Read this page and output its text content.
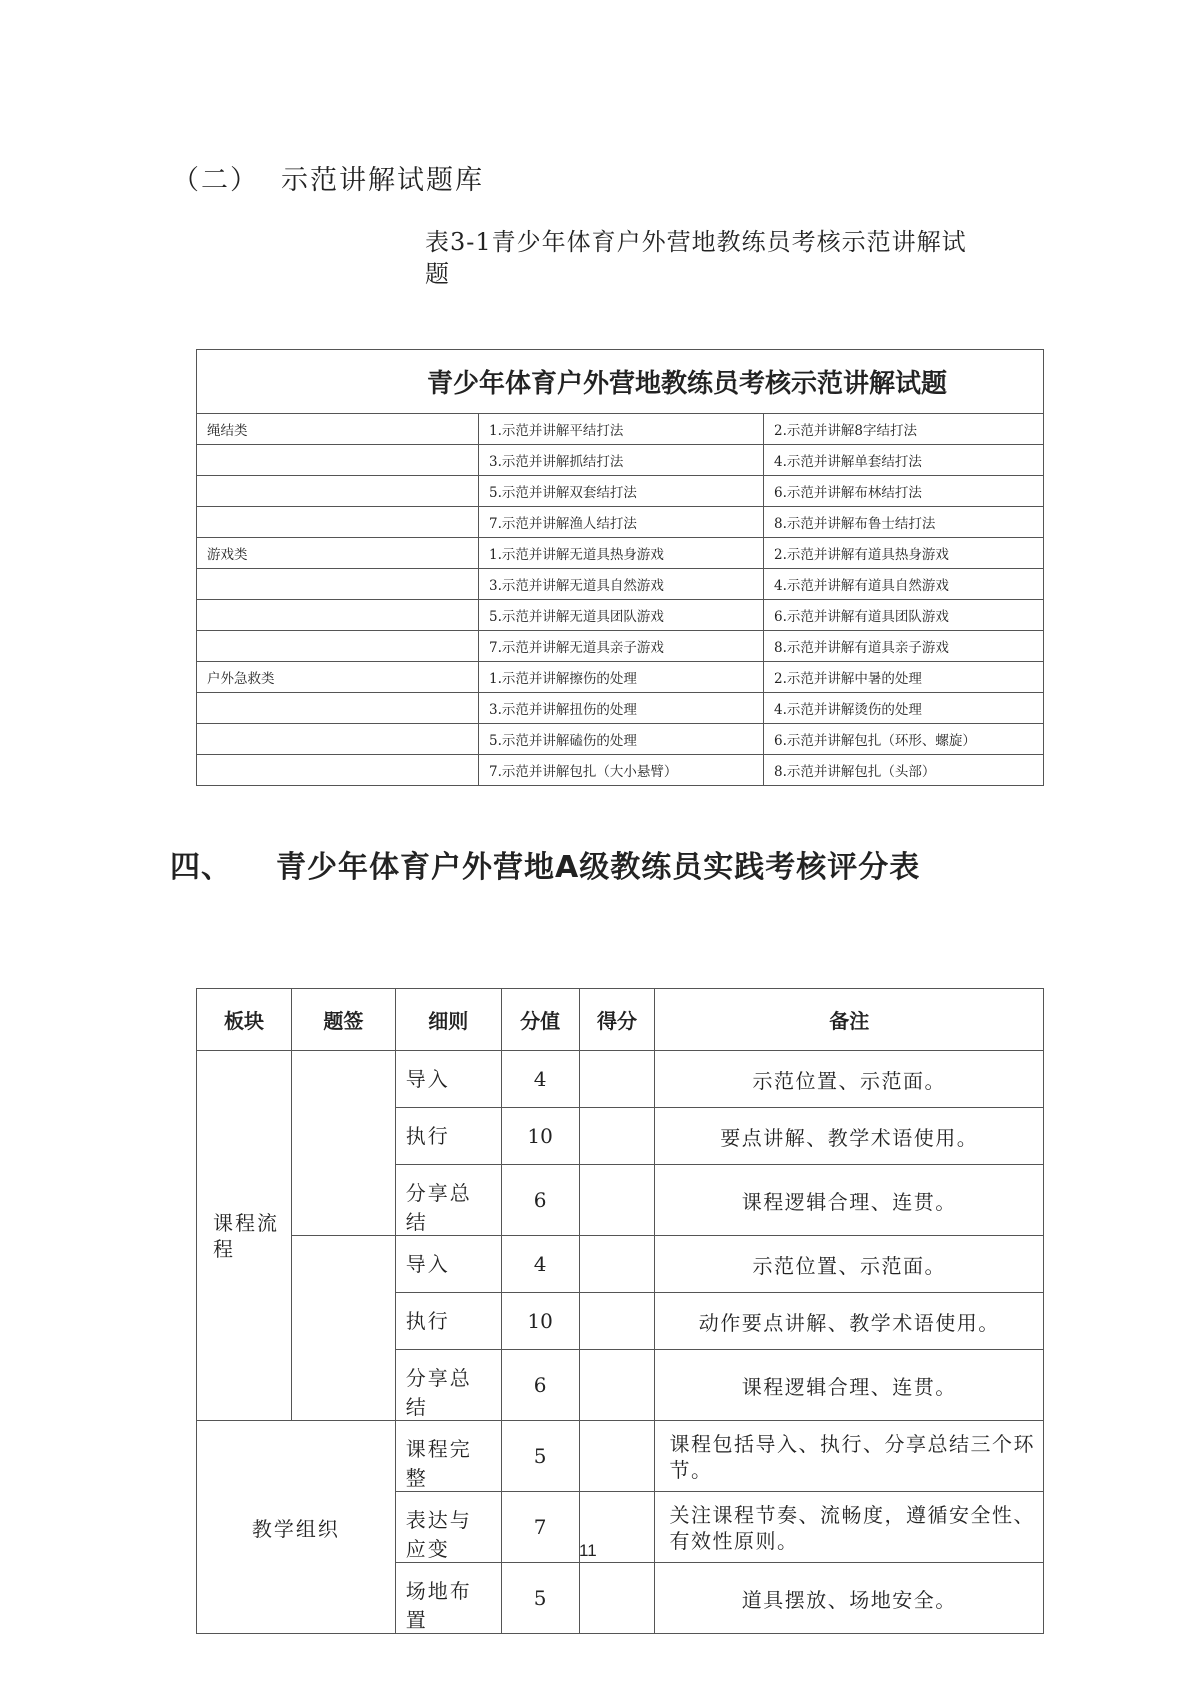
（二） 示范讲解试题库
表3-1青少年体育户外营地教练员考核示范讲解试题
青少年体育户外营地教练员考核示范讲解试题		
绳结类	1.示范并讲解平结打法	2.示范并讲解8字结打法
	3.示范并讲解抓结打法	4.示范并讲解单套结打法
	5.示范并讲解双套结打法	6.示范并讲解布林结打法
	7.示范并讲解渔人结打法	8.示范并讲解布鲁士结打法
游戏类	1.示范并讲解无道具热身游戏	2.示范并讲解有道具热身游戏
	3.示范并讲解无道具自然游戏	4.示范并讲解有道具自然游戏
	5.示范并讲解无道具团队游戏	6.示范并讲解有道具团队游戏
	7.示范并讲解无道具亲子游戏	8.示范并讲解有道具亲子游戏
户外急救类	1.示范并讲解擦伤的处理	2.示范并讲解中暑的处理
	3.示范并讲解扭伤的处理	4.示范并讲解烫伤的处理
	5.示范并讲解磕伤的处理	6.示范并讲解包扎（环形、螺旋）
	7.示范并讲解包扎（大小悬臂）	8.示范并讲解包扎（头部）
四、 青少年体育户外营地A级教练员实践考核评分表
板块	题签	细则	分值	得分	备注
课程流程		导入	4		示范位置、示范面。
		执行	10		要点讲解、教学术语使用。
		分享总结	6		课程逻辑合理、连贯。
		导入	4		示范位置、示范面。
		执行	10		动作要点讲解、教学术语使用。
		分享总结	6		课程逻辑合理、连贯。
教学组织		课程完整	5		课程包括导入、执行、分享总结三个环节。
		表达与应变	7		关注课程节奏、流畅度，遵循安全性、有效性原则。
		场地布置	5		道具摆放、场地安全。
11
